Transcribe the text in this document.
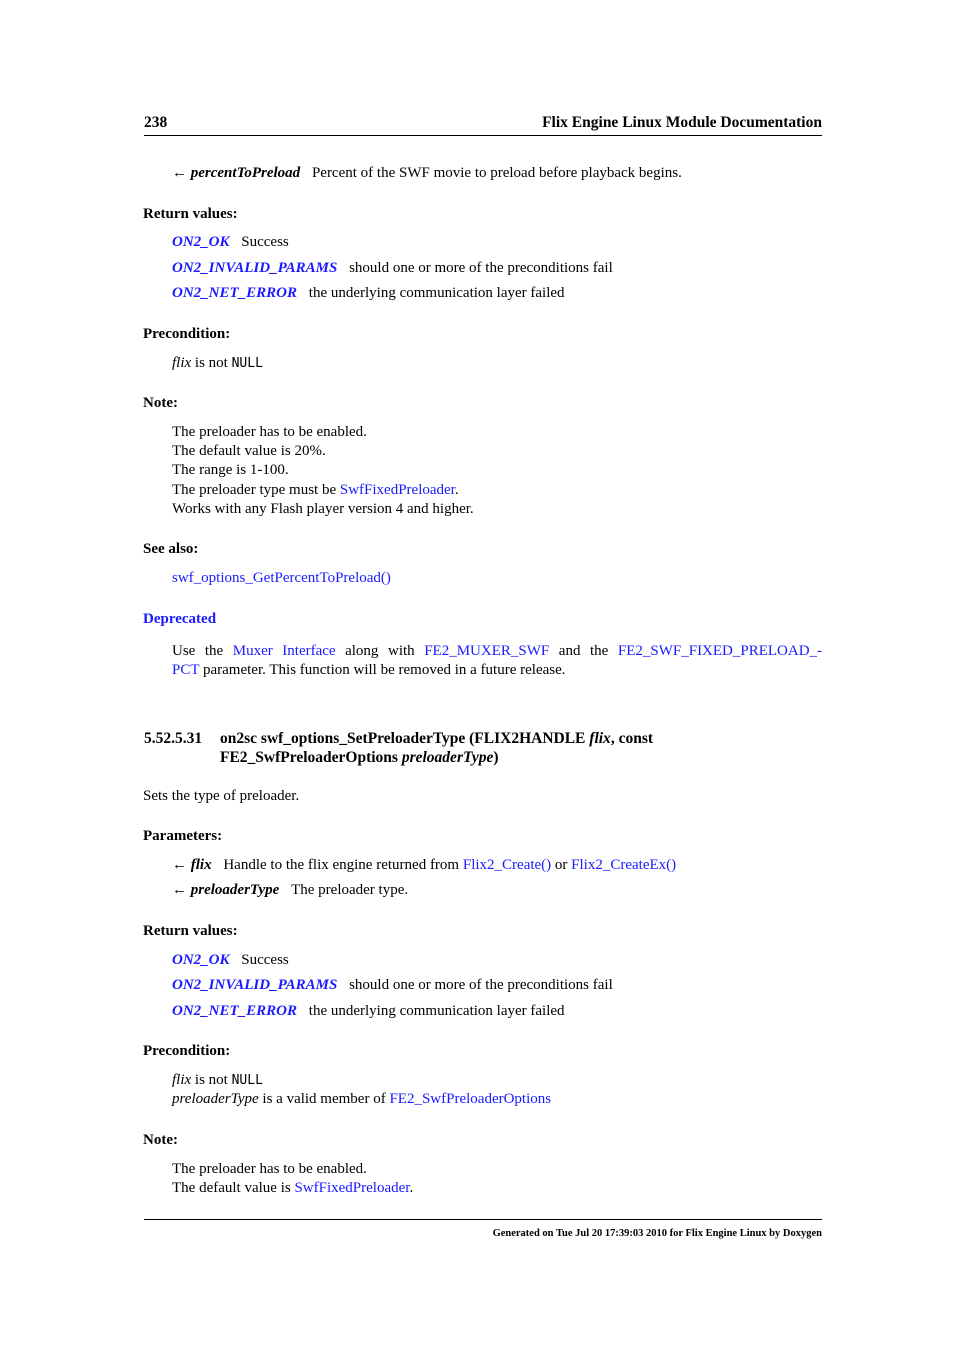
238	Flix Engine Linux Module Documentation
← percentToPreload Percent of the SWF movie to preload before playback begins.
Return values:
ON2_OK Success
ON2_INVALID_PARAMS should one or more of the preconditions fail
ON2_NET_ERROR the underlying communication layer failed
Precondition:
flix is not NULL
Note:
The preloader has to be enabled.
The default value is 20%.
The range is 1-100.
The preloader type must be SwfFixedPreloader.
Works with any Flash player version 4 and higher.
See also:
swf_options_GetPercentToPreload()
Deprecated
Use the Muxer Interface along with FE2_MUXER_SWF and the FE2_SWF_FIXED_PRELOAD_-
PCT parameter. This function will be removed in a future release.
5.52.5.31 on2sc swf_options_SetPreloaderType (FLIX2HANDLE flix, const
FE2_SwfPreloaderOptions preloaderType)
Sets the type of preloader.
Parameters:
← flix Handle to the flix engine returned from Flix2_Create() or Flix2_CreateEx()
← preloaderType The preloader type.
Return values:
ON2_OK Success
ON2_INVALID_PARAMS should one or more of the preconditions fail
ON2_NET_ERROR the underlying communication layer failed
Precondition:
flix is not NULL
preloaderType is a valid member of FE2_SwfPreloaderOptions
Note:
The preloader has to be enabled.
The default value is SwfFixedPreloader.
Generated on Tue Jul 20 17:39:03 2010 for Flix Engine Linux by Doxygen
